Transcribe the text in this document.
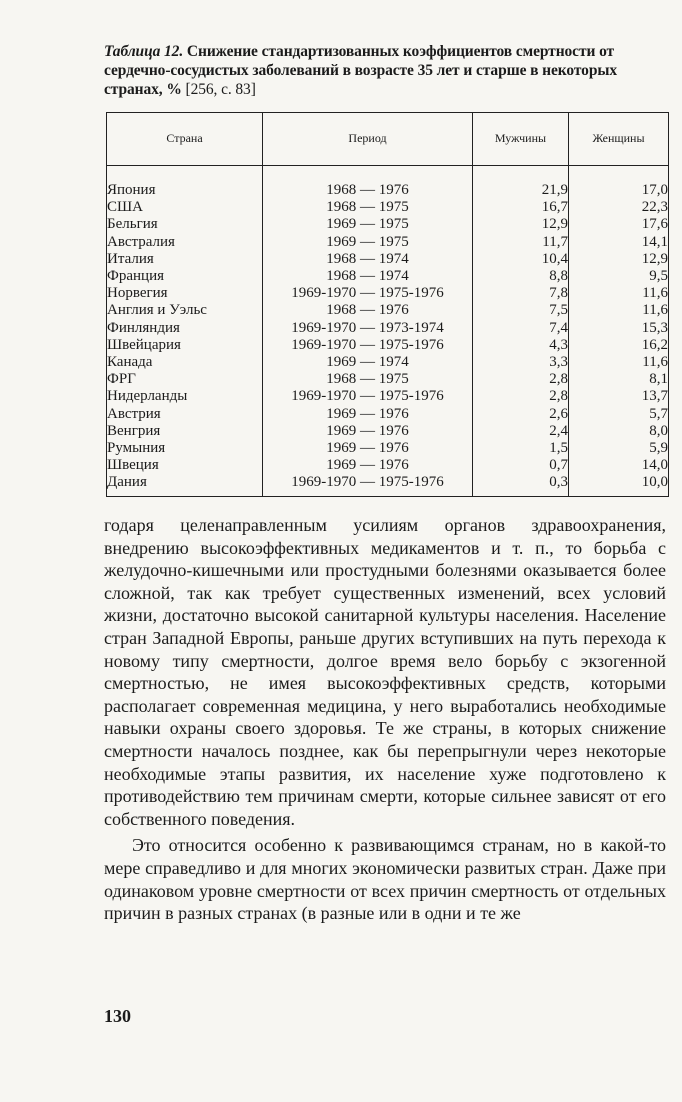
Таблица 12. Снижение стандартизованных коэффициентов смертности от сердечно-сосудистых заболеваний в возрасте 35 лет и старше в некоторых странах, % [256, с. 83]
Страна	Период	Мужчины	Женщины

Япония	1968 — 1976	21,9	17,0
США	1968 — 1975	16,7	22,3
Бельгия	1969 — 1975	12,9	17,6
Австралия	1969 — 1975	11,7	14,1
Италия	1968 — 1974	10,4	12,9
Франция	1968 — 1974	8,8	9,5
Норвегия	1969-1970 — 1975-1976	7,8	11,6
Англия и Уэльс	1968 — 1976	7,5	11,6
Финляндия	1969-1970 — 1973-1974	7,4	15,3
Швейцария	1969-1970 — 1975-1976	4,3	16,2
Канада	1969 — 1974	3,3	11,6
ФРГ	1968 — 1975	2,8	8,1
Нидерланды	1969-1970 — 1975-1976	2,8	13,7
Австрия	1969 — 1976	2,6	5,7
Венгрия	1969 — 1976	2,4	8,0
Румыния	1969 — 1976	1,5	5,9
Швеция	1969 — 1976	0,7	14,0
Дания	1969-1970 — 1975-1976	0,3	10,0

годаря целенаправленным усилиям органов здравоохранения, внедрению высокоэффективных медикаментов и т. п., то борьба с желудочно-кишечными или простудными болезнями оказывается более сложной, так как требует существенных изменений, всех условий жизни, достаточно высокой санитарной культуры населения. Население стран Западной Европы, раньше других вступивших на путь перехода к новому типу смертности, долгое время вело борьбу с экзогенной смертностью, не имея высокоэффективных средств, которыми располагает современная медицина, у него выработались необходимые навыки охраны своего здоровья. Те же страны, в которых снижение смертности началось позднее, как бы перепрыгнули через некоторые необходимые этапы развития, их население хуже подготовлено к противодействию тем причинам смерти, которые сильнее зависят от его собственного поведения.

Это относится особенно к развивающимся странам, но в какой-то мере справедливо и для многих экономически развитых стран. Даже при одинаковом уровне смертности от всех причин смертность от отдельных причин в разных странах (в разные или в одни и те же

130
